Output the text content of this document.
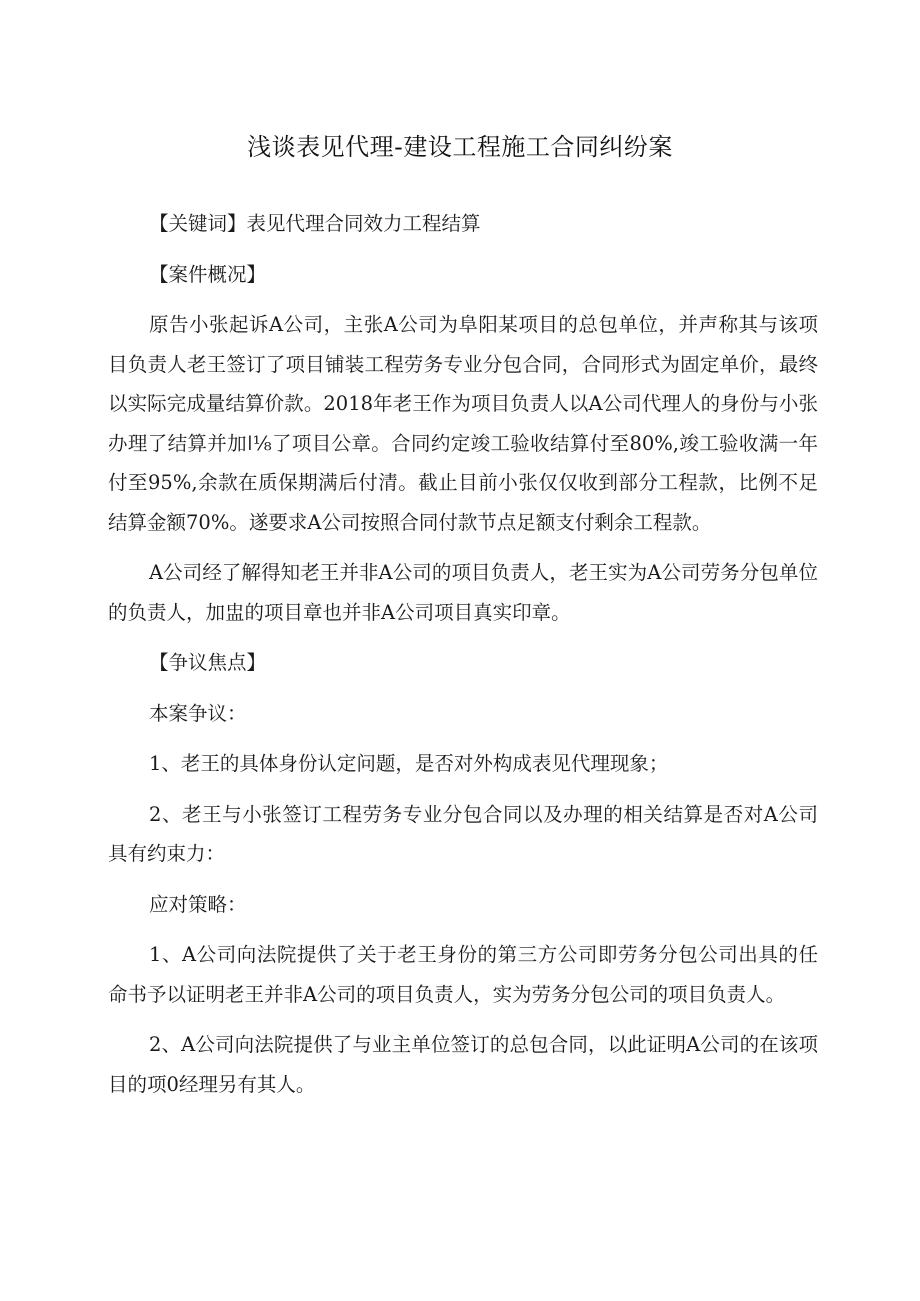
浅谈表见代理-建设工程施工合同纠纷案

【关键词】表见代理合同效力工程结算

【案件概况】

原告小张起诉A公司，主张A公司为阜阳某项目的总包单位，并声称其与该项目负责人老王签订了项目铺装工程劳务专业分包合同，合同形式为固定单价，最终以实际完成量结算价款。2018年老王作为项目负责人以A公司代理人的身份与小张办理了结算并加ǀ⅛了项目公章。合同约定竣工验收结算付至80%,竣工验收满一年付至95%,余款在质保期满后付清。截止目前小张仅仅收到部分工程款，比例不足结算金额70%。遂要求A公司按照合同付款节点足额支付剩余工程款。

A公司经了解得知老王并非A公司的项目负责人，老王实为A公司劳务分包单位的负责人，加盅的项目章也并非A公司项目真实印章。

【争议焦点】

本案争议：

1、老王的具体身份认定问题，是否对外构成表见代理现象；

2、老王与小张签订工程劳务专业分包合同以及办理的相关结算是否对A公司具有约束力：

应对策略：

1、A公司向法院提供了关于老王身份的第三方公司即劳务分包公司出具的任命书予以证明老王并非A公司的项目负责人，实为劳务分包公司的项目负责人。

2、A公司向法院提供了与业主单位签订的总包合同，以此证明A公司的在该项目的项0经理另有其人。
